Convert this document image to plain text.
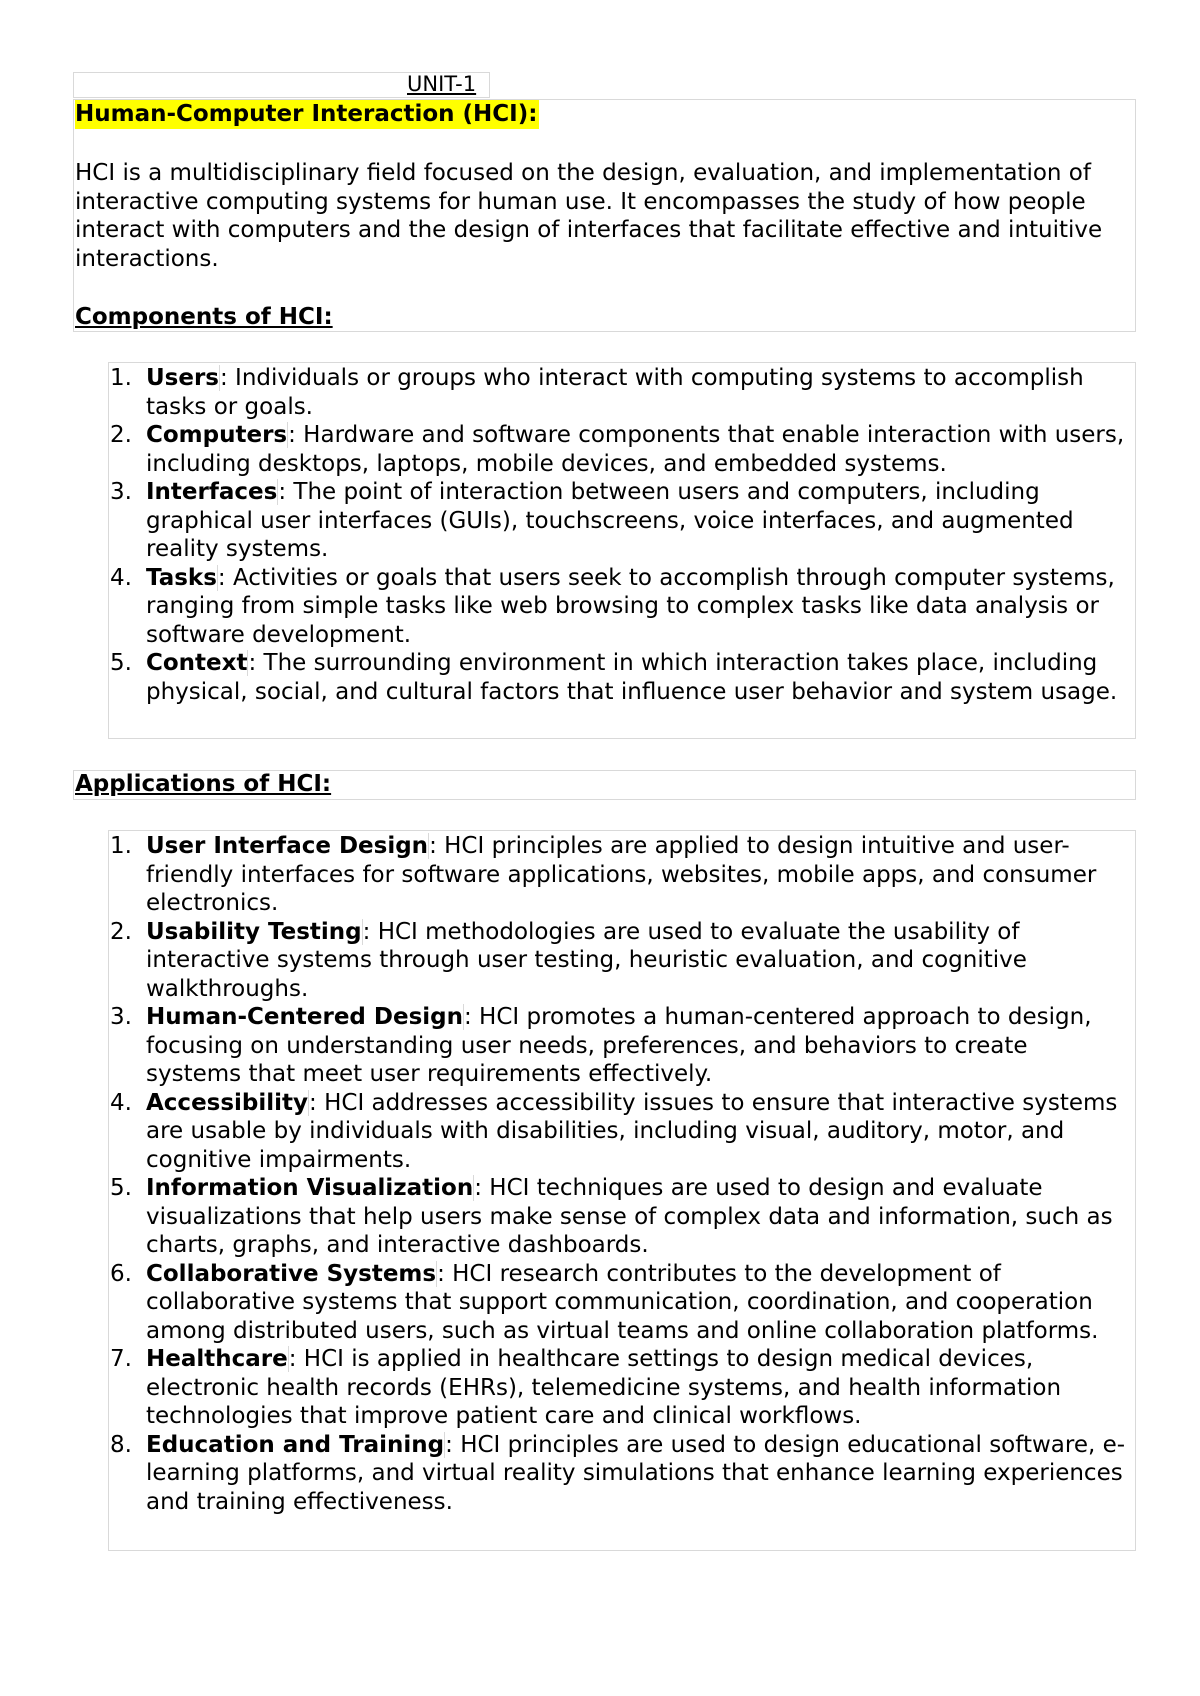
UNIT-1
Human-Computer Interaction (HCI):

HCI is a multidisciplinary field focused on the design, evaluation, and implementation of interactive computing systems for human use. It encompasses the study of how people interact with computers and the design of interfaces that facilitate effective and intuitive interactions.

Components of HCI:
1. Users: Individuals or groups who interact with computing systems to accomplish tasks or goals.
2. Computers: Hardware and software components that enable interaction with users, including desktops, laptops, mobile devices, and embedded systems.
3. Interfaces: The point of interaction between users and computers, including graphical user interfaces (GUIs), touchscreens, voice interfaces, and augmented reality systems.
4. Tasks: Activities or goals that users seek to accomplish through computer systems, ranging from simple tasks like web browsing to complex tasks like data analysis or software development.
5. Context: The surrounding environment in which interaction takes place, including physical, social, and cultural factors that influence user behavior and system usage.
Applications of HCI:
1. User Interface Design: HCI principles are applied to design intuitive and user-friendly interfaces for software applications, websites, mobile apps, and consumer electronics.
2. Usability Testing: HCI methodologies are used to evaluate the usability of interactive systems through user testing, heuristic evaluation, and cognitive walkthroughs.
3. Human-Centered Design: HCI promotes a human-centered approach to design, focusing on understanding user needs, preferences, and behaviors to create systems that meet user requirements effectively.
4. Accessibility: HCI addresses accessibility issues to ensure that interactive systems are usable by individuals with disabilities, including visual, auditory, motor, and cognitive impairments.
5. Information Visualization: HCI techniques are used to design and evaluate visualizations that help users make sense of complex data and information, such as charts, graphs, and interactive dashboards.
6. Collaborative Systems: HCI research contributes to the development of collaborative systems that support communication, coordination, and cooperation among distributed users, such as virtual teams and online collaboration platforms.
7. Healthcare: HCI is applied in healthcare settings to design medical devices, electronic health records (EHRs), telemedicine systems, and health information technologies that improve patient care and clinical workflows.
8. Education and Training: HCI principles are used to design educational software, e-learning platforms, and virtual reality simulations that enhance learning experiences and training effectiveness.
